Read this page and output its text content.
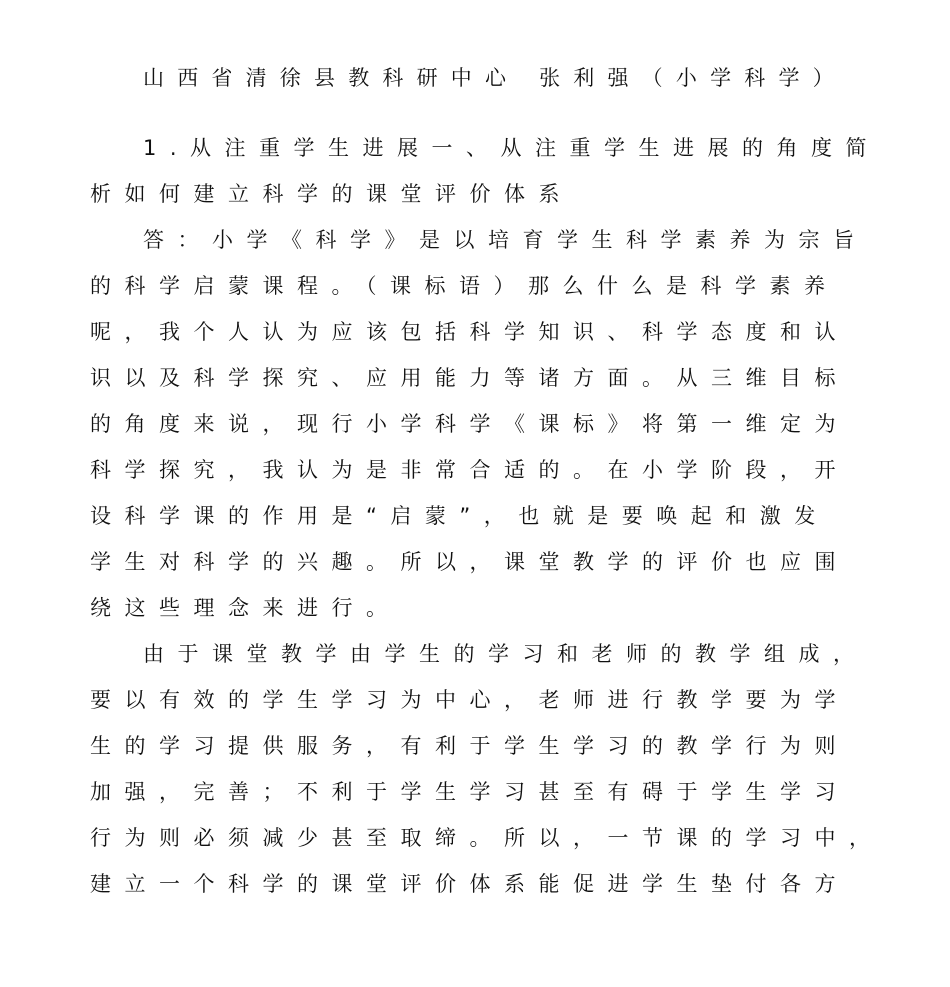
山西省清徐县教科研中心 张利强（小学科学）
1.从注重学生进展一、从注重学生进展的角度简
析如何建立科学的课堂评价体系
答：小学《科学》是以培育学生科学素养为宗旨
的科学启蒙课程。（课标语）那么什么是科学素养
呢，我个人认为应该包括科学知识、科学态度和认
识以及科学探究、应用能力等诸方面。从三维目标
的角度来说，现行小学科学《课标》将第一维定为
科学探究，我认为是非常合适的。在小学阶段，开
设科学课的作用是“启蒙”，也就是要唤起和激发
学生对科学的兴趣。所以，课堂教学的评价也应围
绕这些理念来进行。
由于课堂教学由学生的学习和老师的教学组成，
要以有效的学生学习为中心，老师进行教学要为学
生的学习提供服务，有利于学生学习的教学行为则
加强，完善；不利于学生学习甚至有碍于学生学习
行为则必须减少甚至取缔。所以，一节课的学习中，
建立一个科学的课堂评价体系能促进学生垫付各方
